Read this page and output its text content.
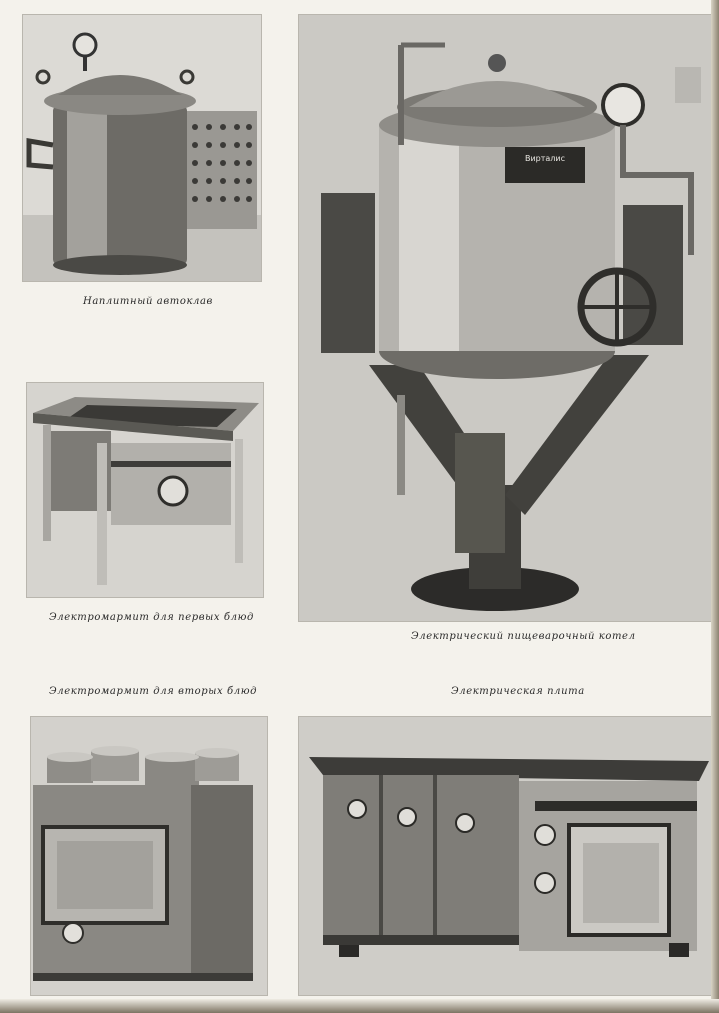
Наплитный автоклав
Электромармит для первых блюд
Вирталис
Электрический пищеварочный котел
Электромармит для вторых блюд	Электрическая плита
